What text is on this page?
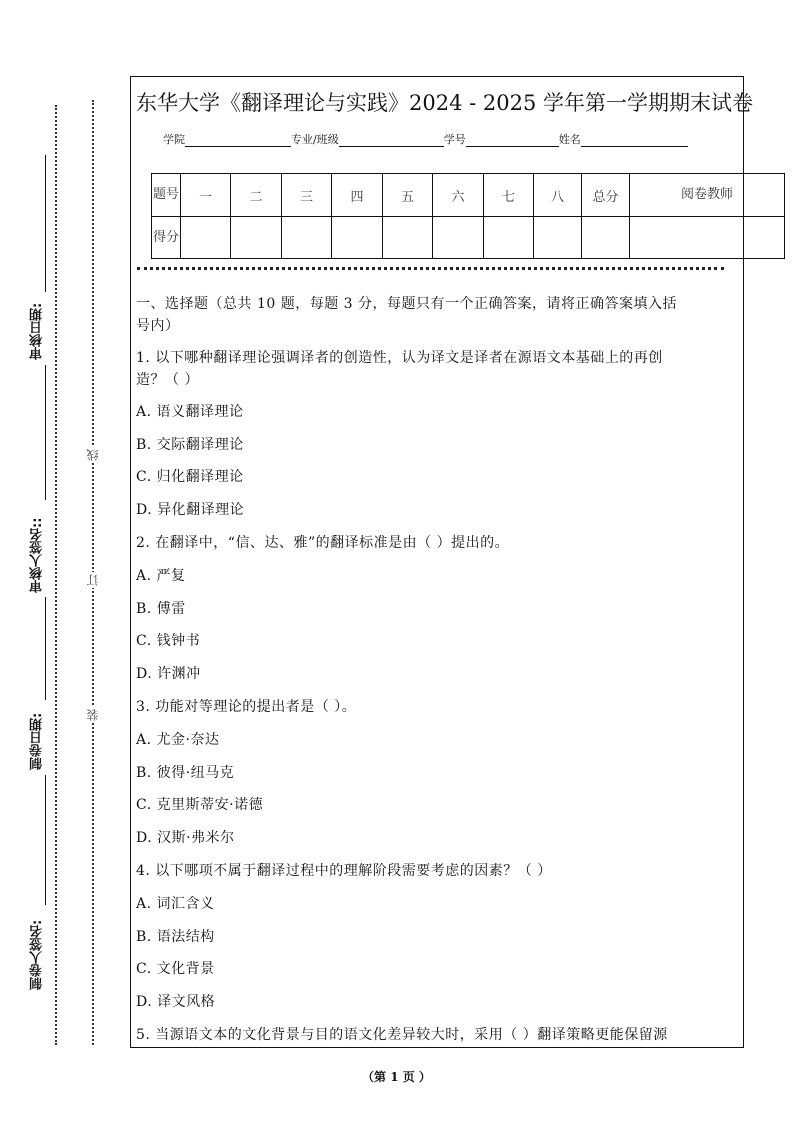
审核日期:
审核人签名::
制卷日期:
制卷人签名:
线
订
装
东华大学《翻译理论与实践》2024 - 2025 学年第一学期期末试卷
学院	专业/班级	学号	姓名
题号	一	二	三	四	五	六	七	八	总分	阅卷教师
得分										
一、选择题（总共 10 题，每题 3 分，每题只有一个正确答案，请将正确答案填入括
号内）
1. 以下哪种翻译理论强调译者的创造性，认为译文是译者在源语文本基础上的再创
造？（ ）
A. 语义翻译理论
B. 交际翻译理论
C. 归化翻译理论
D. 异化翻译理论
2. 在翻译中，“信、达、雅”的翻译标准是由（ ）提出的。
A. 严复
B. 傅雷
C. 钱钟书
D. 许渊冲
3. 功能对等理论的提出者是（ ）。
A. 尤金·奈达
B. 彼得·纽马克
C. 克里斯蒂安·诺德
D. 汉斯·弗米尔
4. 以下哪项不属于翻译过程中的理解阶段需要考虑的因素？（ ）
A. 词汇含义
B. 语法结构
C. 文化背景
D. 译文风格
5. 当源语文本的文化背景与目的语文化差异较大时，采用（ ）翻译策略更能保留源
（第 1 页 ）
